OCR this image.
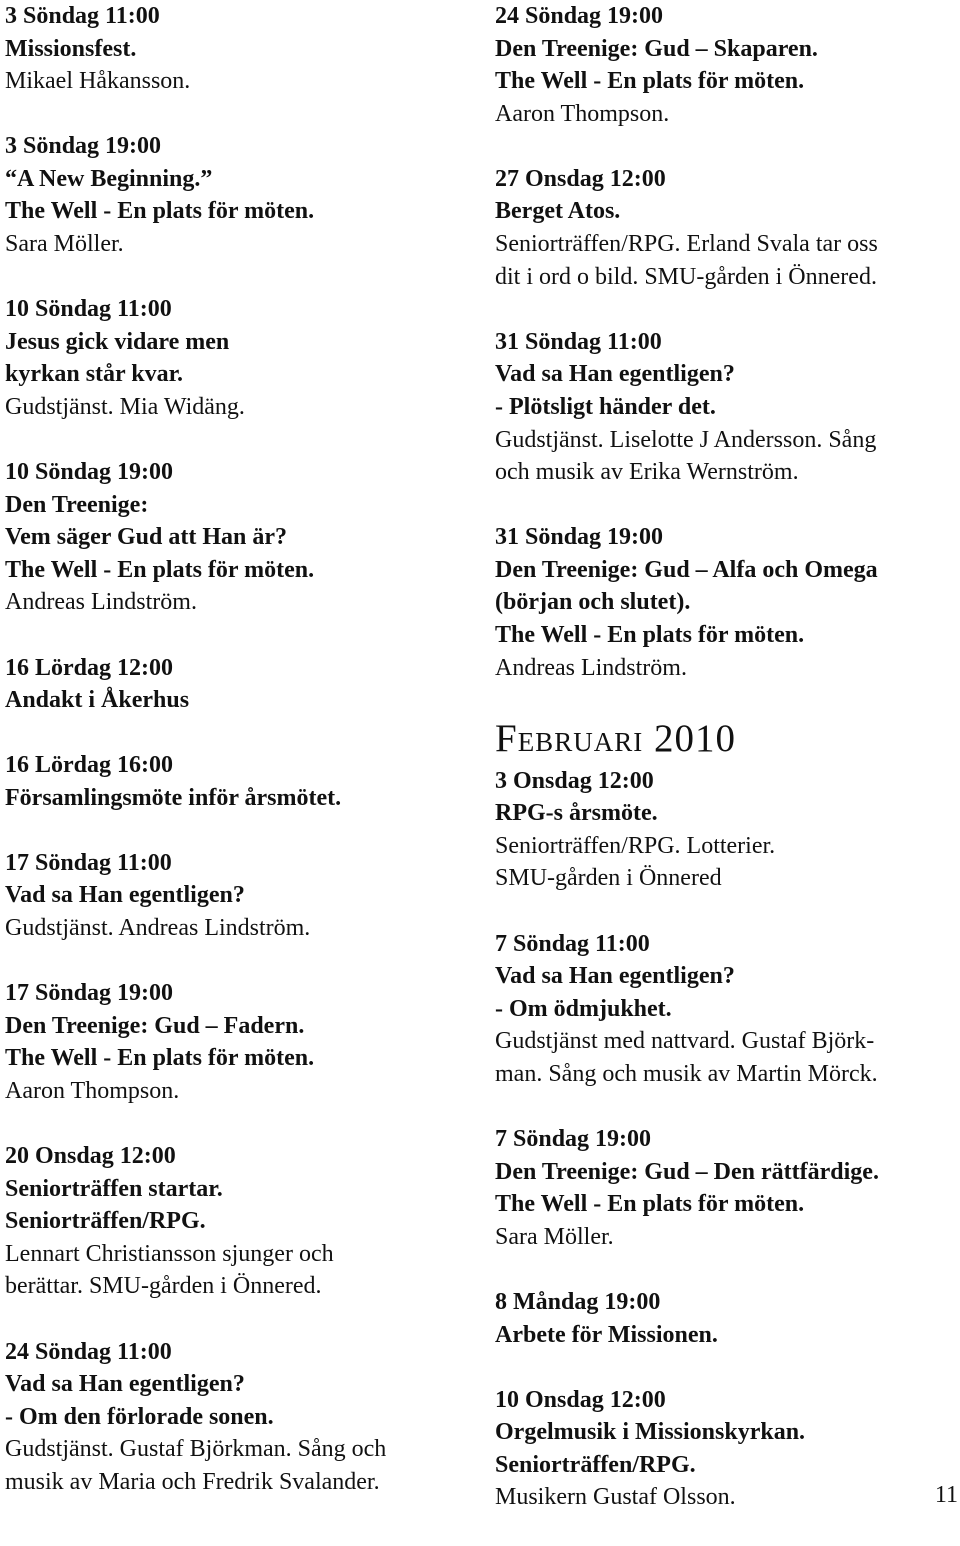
3 Söndag 11:00
Missionsfest.
Mikael Håkansson.
3 Söndag 19:00
“A New Beginning.”
The Well - En plats för möten.
Sara Möller.
10 Söndag 11:00
Jesus gick vidare men
kyrkan står kvar.
Gudstjänst. Mia Widäng.
10 Söndag 19:00
Den Treenige:
Vem säger Gud att Han är?
The Well - En plats för möten.
Andreas Lindström.
16 Lördag 12:00
Andakt i Åkerhus
16 Lördag 16:00
Församlingsmöte inför årsmötet.
17 Söndag 11:00
Vad sa Han egentligen?
Gudstjänst. Andreas Lindström.
17 Söndag 19:00
Den Treenige: Gud – Fadern.
The Well - En plats för möten.
Aaron Thompson.
20 Onsdag 12:00
Seniorträffen startar.
Seniorträffen/RPG.
Lennart Christiansson sjunger och
berättar. SMU-gården i Önnered.
24 Söndag 11:00
Vad sa Han egentligen?
- Om den förlorade sonen.
Gudstjänst. Gustaf Björkman. Sång och
musik av Maria och Fredrik Svalander.
24 Söndag 19:00
Den Treenige: Gud – Skaparen.
The Well - En plats för möten.
Aaron Thompson.
27 Onsdag 12:00
Berget Atos.
Seniorträffen/RPG. Erland Svala tar oss
dit i ord o bild. SMU-gården i Önnered.
31 Söndag 11:00
Vad sa Han egentligen?
- Plötsligt händer det.
Gudstjänst. Liselotte J Andersson. Sång
och musik av Erika Wernström.
31 Söndag 19:00
Den Treenige: Gud – Alfa och Omega
(början och slutet).
The Well - En plats för möten.
Andreas Lindström.
Februari 2010
3 Onsdag 12:00
RPG-s årsmöte.
Seniorträffen/RPG. Lotterier.
SMU-gården i Önnered
7 Söndag 11:00
Vad sa Han egentligen?
- Om ödmjukhet.
Gudstjänst med nattvard. Gustaf Björk-
man. Sång och musik av Martin Mörck.
7 Söndag 19:00
Den Treenige: Gud – Den rättfärdige.
The Well - En plats för möten.
Sara Möller.
8 Måndag 19:00
Arbete för Missionen.
10 Onsdag 12:00
Orgelmusik i Missionskyrkan.
Seniorträffen/RPG.
Musikern Gustaf Olsson.	11
